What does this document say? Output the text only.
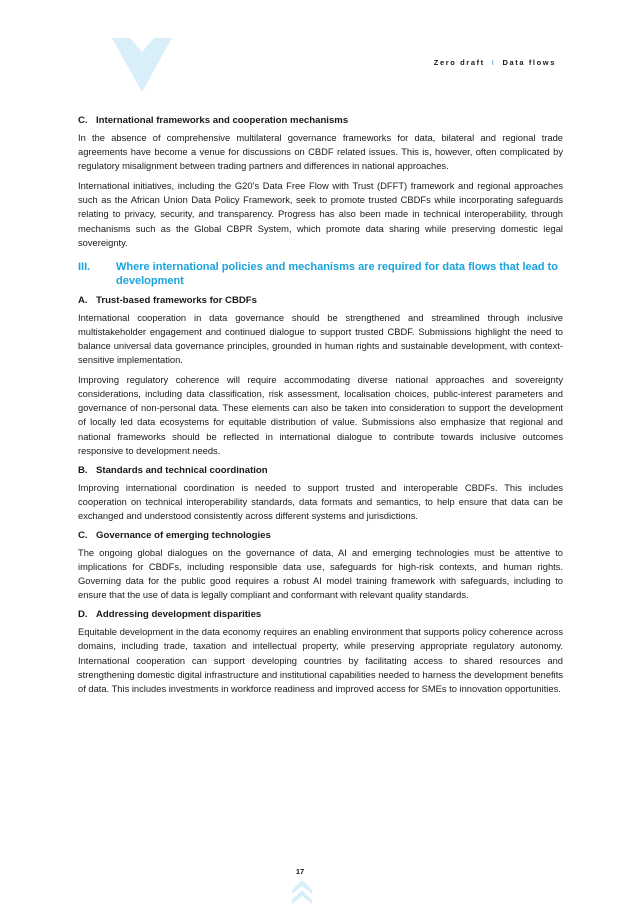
Zero draft I Data flows
C. International frameworks and cooperation mechanisms

In the absence of comprehensive multilateral governance frameworks for data, bilateral and regional trade agreements have become a venue for discussions on CBDF related issues. This is, however, often complicated by regulatory misalignment between trading partners and differences in national approaches.

International initiatives, including the G20’s Data Free Flow with Trust (DFFT) framework and regional approaches such as the African Union Data Policy Framework, seek to promote trusted CBDFs while incorporating safeguards relating to privacy, security, and transparency. Progress has also been made in technical interoperability, through mechanisms such as the Global CBPR System, which promote data sharing while preserving domestic legal sovereignty.

III.	Where international policies and mechanisms are required for data flows that lead to development
A. Trust-based frameworks for CBDFs

International cooperation in data governance should be strengthened and streamlined through inclusive multistakeholder engagement and continued dialogue to support trusted CBDF. Submissions highlight the need to balance universal data governance principles, grounded in human rights and sustainable development, with context-sensitive implementation.

Improving regulatory coherence will require accommodating diverse national approaches and sovereignty considerations, including data classification, risk assessment, localisation choices, public-interest parameters and governance of non-personal data. These elements can also be taken into consideration to support the development of locally led data ecosystems for equitable distribution of value. Submissions also emphasize that regional and national frameworks should be reflected in international dialogue to contribute towards inclusive outcomes responsive to development needs.

B. Standards and technical coordination

Improving international coordination is needed to support trusted and interoperable CBDFs. This includes cooperation on technical interoperability standards, data formats and semantics, to help ensure that data can be exchanged and understood consistently across different systems and jurisdictions.

C. Governance of emerging technologies

The ongoing global dialogues on the governance of data, AI and emerging technologies must be attentive to implications for CBDFs, including responsible data use, safeguards for high-risk contexts, and human rights. Governing data for the public good requires a robust AI model training framework with safeguards, including to ensure that the use of data is legally compliant and conformant with relevant quality standards.

D. Addressing development disparities

Equitable development in the data economy requires an enabling environment that supports policy coherence across domains, including trade, taxation and intellectual property, while preserving appropriate regulatory autonomy. International cooperation can support developing countries by facilitating access to shared resources and strengthening domestic digital infrastructure and institutional capabilities needed to harness the development benefits of data. This includes investments in workforce readiness and improved access for SMEs to innovation opportunities.

17
